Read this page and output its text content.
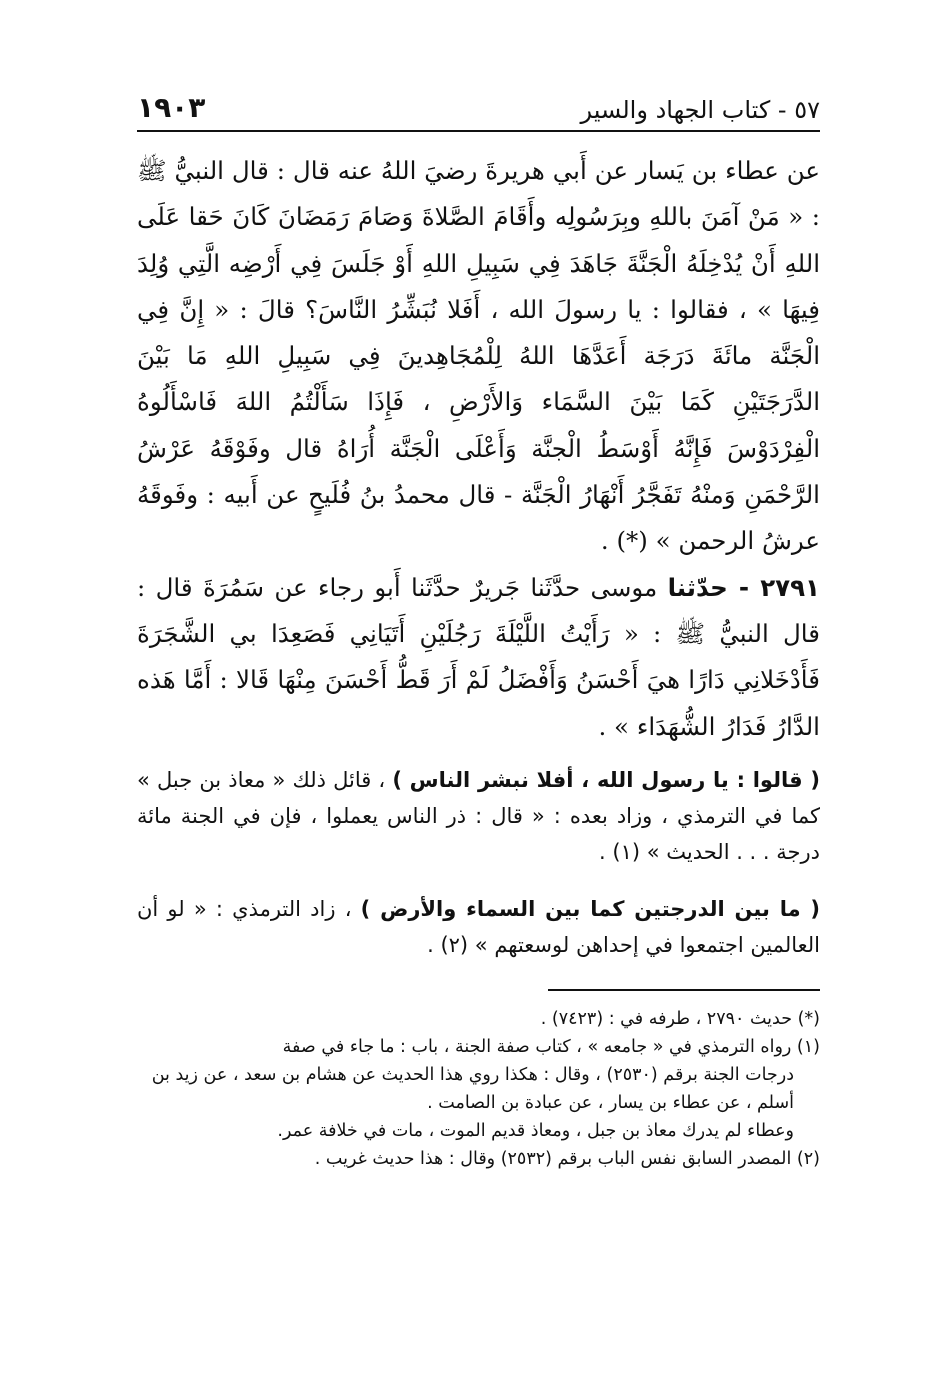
٥٧ - كتاب الجهاد والسير
١٩٠٣

عن عطاء بن يَسار عن أَبي هريرةَ رضيَ اللهُ عنه قال : قال النبيُّ ﷺ : « مَنْ آمَنَ باللهِ وبِرَسُولِه وأَقَامَ الصَّلاةَ وَصَامَ رَمَضَانَ كَانَ حَقا عَلَى اللهِ أَنْ يُدْخِلَهُ الْجَنَّةَ جَاهَدَ فِي سَبِيلِ اللهِ أَوْ جَلَسَ فِي أَرْضِه الَّتِي وُلِدَ فِيهَا » ، فقالوا : يا رسولَ الله ، أَفَلا نُبَشِّرُ النَّاسَ؟ قالَ : « إِنَّ فِي الْجَنَّة مائَةَ دَرَجَة أَعَدَّهَا اللهُ لِلْمُجَاهِدينَ فِي سَبِيلِ اللهِ مَا بَيْنَ الدَّرَجَتَيْنِ كَمَا بَيْنَ السَّمَاء وَالأَرْضِ ، فَإِذَا سَأَلْتُمُ اللهَ فَاسْأَلُوهُ الْفِرْدَوْسَ فَإِنَّهُ أَوْسَطُ الْجنَّة وَأَعْلَى الْجَنَّة أُرَاهُ قال وفَوْقَهُ عَرْشُ الرَّحْمَنِ وَمنْهُ تَفَجَّرُ أَنْهَارُ الْجَنَّة - قال محمدُ بنُ فُلَيحٍ عن أَبيه : وفَوقَهُ عرشُ الرحمن » (*) .

٢٧٩١ - حدّثنا موسى حدَّثَنا جَريرٌ حدَّثَنا أَبو رجاء عن سَمُرَةَ قال : قال النبيُّ ﷺ : « رَأَيْتُ اللَّيْلَةَ رَجُلَيْنِ أَتَيَانِي فَصَعِدَا بي الشَّجَرَةَ فَأَدْخَلانِي دَارًا هيَ أَحْسَنُ وَأَفْضَلُ لَمْ أَرَ قَطُّ أَحْسَنَ مِنْهَا قَالا : أَمَّا هَذه الدَّارُ فَدَارُ الشُّهَدَاء » .

( قالوا : يا رسول الله ، أفلا نبشر الناس ) ، قائل ذلك « معاذ بن جبل » كما في الترمذي ، وزاد بعده : « قال : ذر الناس يعملوا ، فإن في الجنة مائة درجة . . . الحديث » (١) .

( ما بين الدرجتين كما بين السماء والأرض ) ، زاد الترمذي : « لو أن العالمين اجتمعوا في إحداهن لوسعتهم » (٢) .

(*) حديث ٢٧٩٠ ، طرفه في : (٧٤٢٣) .

(١) رواه الترمذي في « جامعه » ، كتاب صفة الجنة ، باب : ما جاء في صفة

درجات الجنة برقم (٢٥٣٠) ، وقال : هكذا روي هذا الحديث عن هشام بن سعد ، عن زيد بن أسلم ، عن عطاء بن يسار ، عن عبادة بن الصامت .

وعطاء لم يدرك معاذ بن جبل ، ومعاذ قديم الموت ، مات في خلافة عمر.

(٢) المصدر السابق نفس الباب برقم (٢٥٣٢) وقال : هذا حديث غريب .
